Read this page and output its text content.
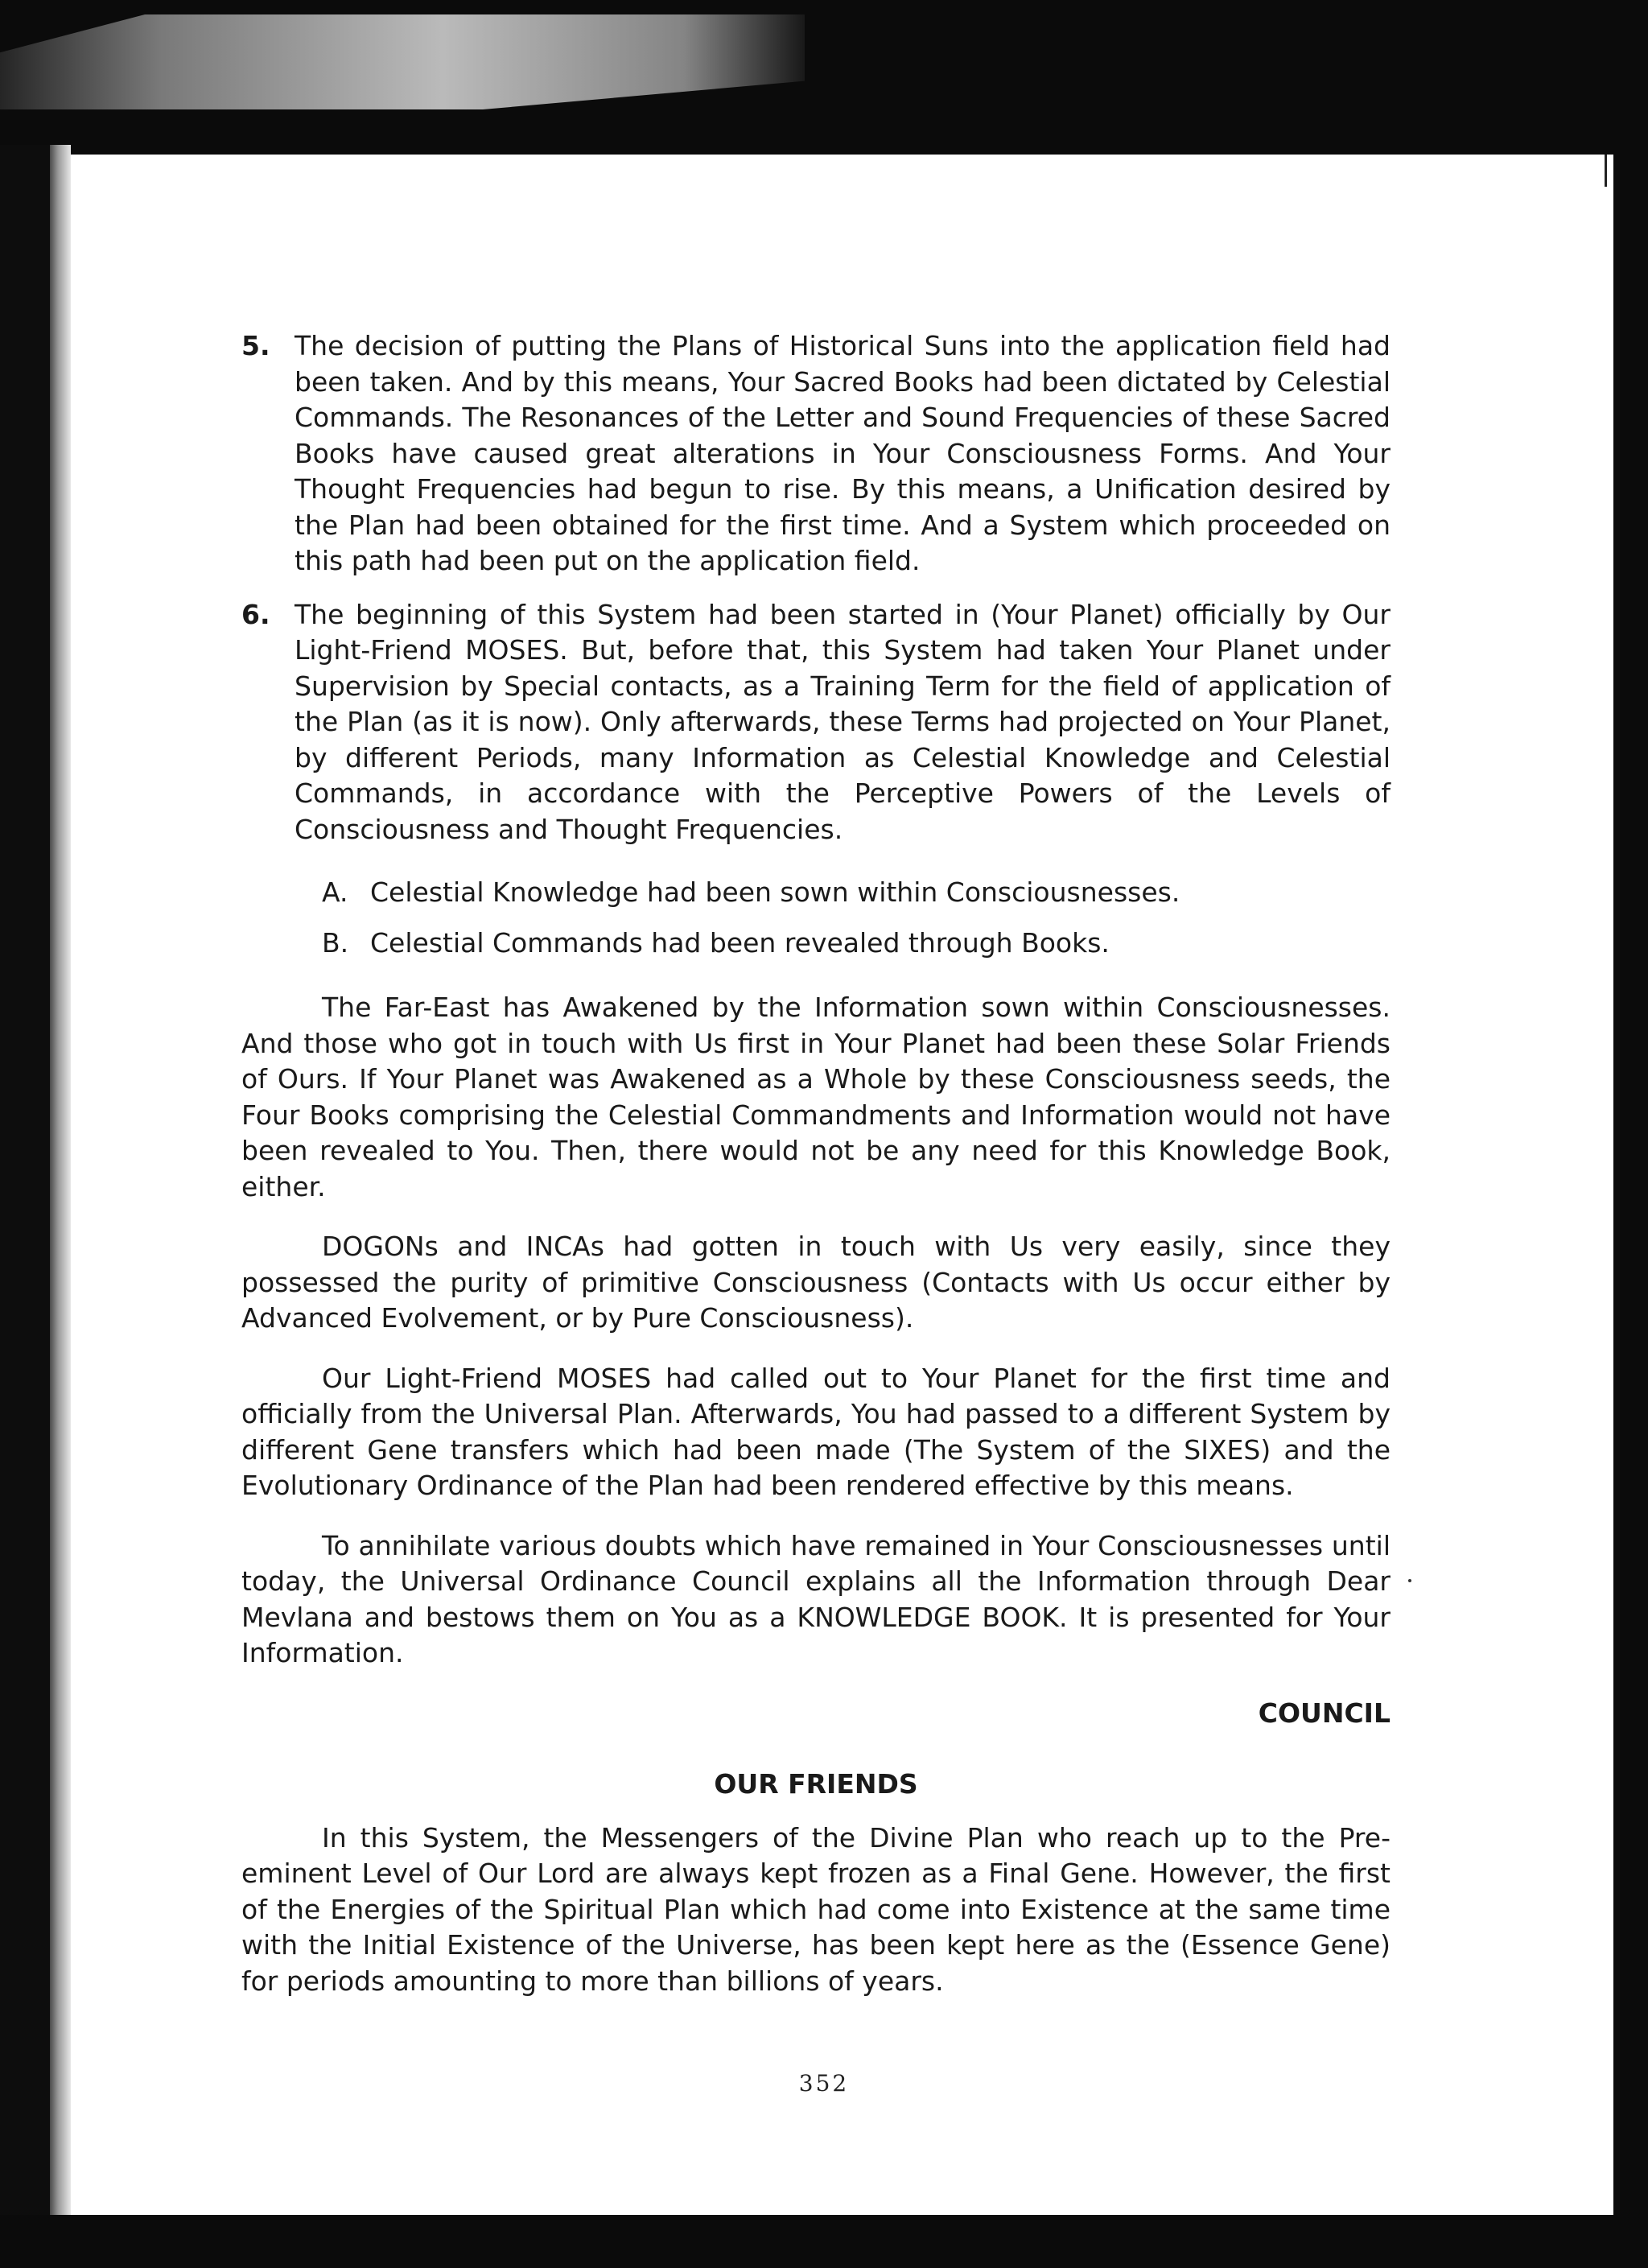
5. The decision of putting the Plans of Historical Suns into the application field had been taken. And by this means, Your Sacred Books had been dictated by Celestial Commands. The Resonances of the Letter and Sound Frequencies of these Sacred Books have caused great alterations in Your Consciousness Forms. And Your Thought Frequencies had begun to rise. By this means, a Unification desired by the Plan had been obtained for the first time. And a System which proceeded on this path had been put on the application field.
6. The beginning of this System had been started in (Your Planet) officially by Our Light-Friend MOSES. But, before that, this System had taken Your Planet under Supervision by Special contacts, as a Training Term for the field of application of the Plan (as it is now). Only afterwards, these Terms had projected on Your Planet, by different Periods, many Information as Celestial Knowledge and Celestial Commands, in accordance with the Perceptive Powers of the Levels of Consciousness and Thought Frequencies.
A. Celestial Knowledge had been sown within Consciousnesses.
B. Celestial Commands had been revealed through Books.

The Far-East has Awakened by the Information sown within Consciousnesses. And those who got in touch with Us first in Your Planet had been these Solar Friends of Ours. If Your Planet was Awakened as a Whole by these Consciousness seeds, the Four Books comprising the Celestial Commandments and Information would not have been revealed to You. Then, there would not be any need for this Knowledge Book, either.

DOGONs and INCAs had gotten in touch with Us very easily, since they possessed the purity of primitive Consciousness (Contacts with Us occur either by Advanced Evolvement, or by Pure Consciousness).

Our Light-Friend MOSES had called out to Your Planet for the first time and officially from the Universal Plan. Afterwards, You had passed to a different System by different Gene transfers which had been made (The System of the SIXES) and the Evolutionary Ordinance of the Plan had been rendered effective by this means.

To annihilate various doubts which have remained in Your Consciousnesses until today, the Universal Ordinance Council explains all the Information through Dear Mevlana and bestows them on You as a KNOWLEDGE BOOK. It is presented for Your Information.

COUNCIL
OUR FRIENDS

In this System, the Messengers of the Divine Plan who reach up to the Pre-eminent Level of Our Lord are always kept frozen as a Final Gene. However, the first of the Energies of the Spiritual Plan which had come into Existence at the same time with the Initial Existence of the Universe, has been kept here as the (Essence Gene) for periods amounting to more than billions of years.

352
